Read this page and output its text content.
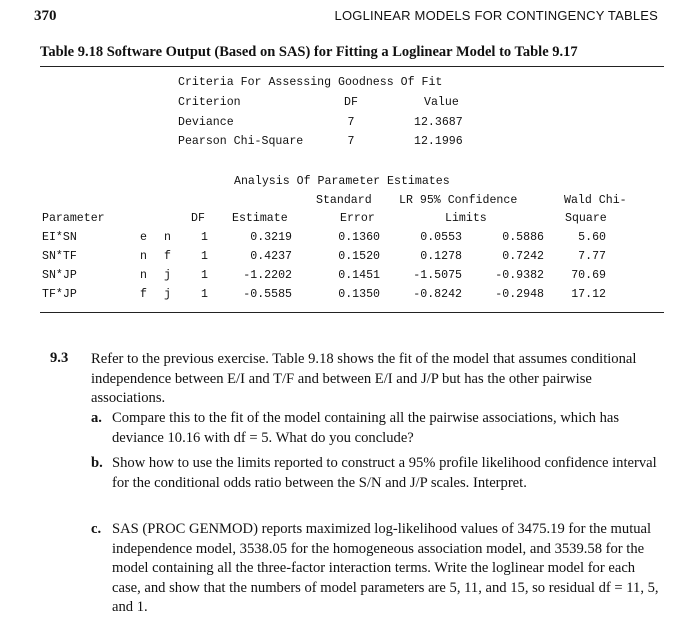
370	LOGLINEAR MODELS FOR CONTINGENCY TABLES
Table 9.18 Software Output (Based on SAS) for Fitting a Loglinear Model to Table 9.17
Criteria For Assessing Goodness Of Fit
Criterion	DF	Value
Deviance	7	12.3687
Pearson Chi-Square	7	12.1996
Analysis Of Parameter Estimates
Standard LR 95% Confidence	Wald Chi-
Parameter	DF Estimate	Error	Limits	Square
EI*SN	e n	1	0.3219	0.1360	0.0553	0.5886	5.60
SN*TF	n f	1	0.4237	0.1520	0.1278	0.7242	7.77
SN*JP	n j	1	-1.2202	0.1451	-1.5075	-0.9382	70.69
TF*JP	f j	1	-0.5585	0.1350	-0.8242	-0.2948	17.12
9.3 Refer to the previous exercise. Table 9.18 shows the fit of the model that assumes conditional independence between E/I and T/F and between E/I and J/P but has the other pairwise associations.
a. Compare this to the fit of the model containing all the pairwise associations, which has deviance 10.16 with df = 5. What do you conclude?
b. Show how to use the limits reported to construct a 95% profile likelihood confidence interval for the conditional odds ratio between the S/N and J/P scales. Interpret.
c. SAS (PROC GENMOD) reports maximized log-likelihood values of 3475.19 for the mutual independence model, 3538.05 for the homogeneous association model, and 3539.58 for the model containing all the three-factor interaction terms. Write the loglinear model for each case, and show that the numbers of model parameters are 5, 11, and 15, so residual df = 11, 5, and 1.
